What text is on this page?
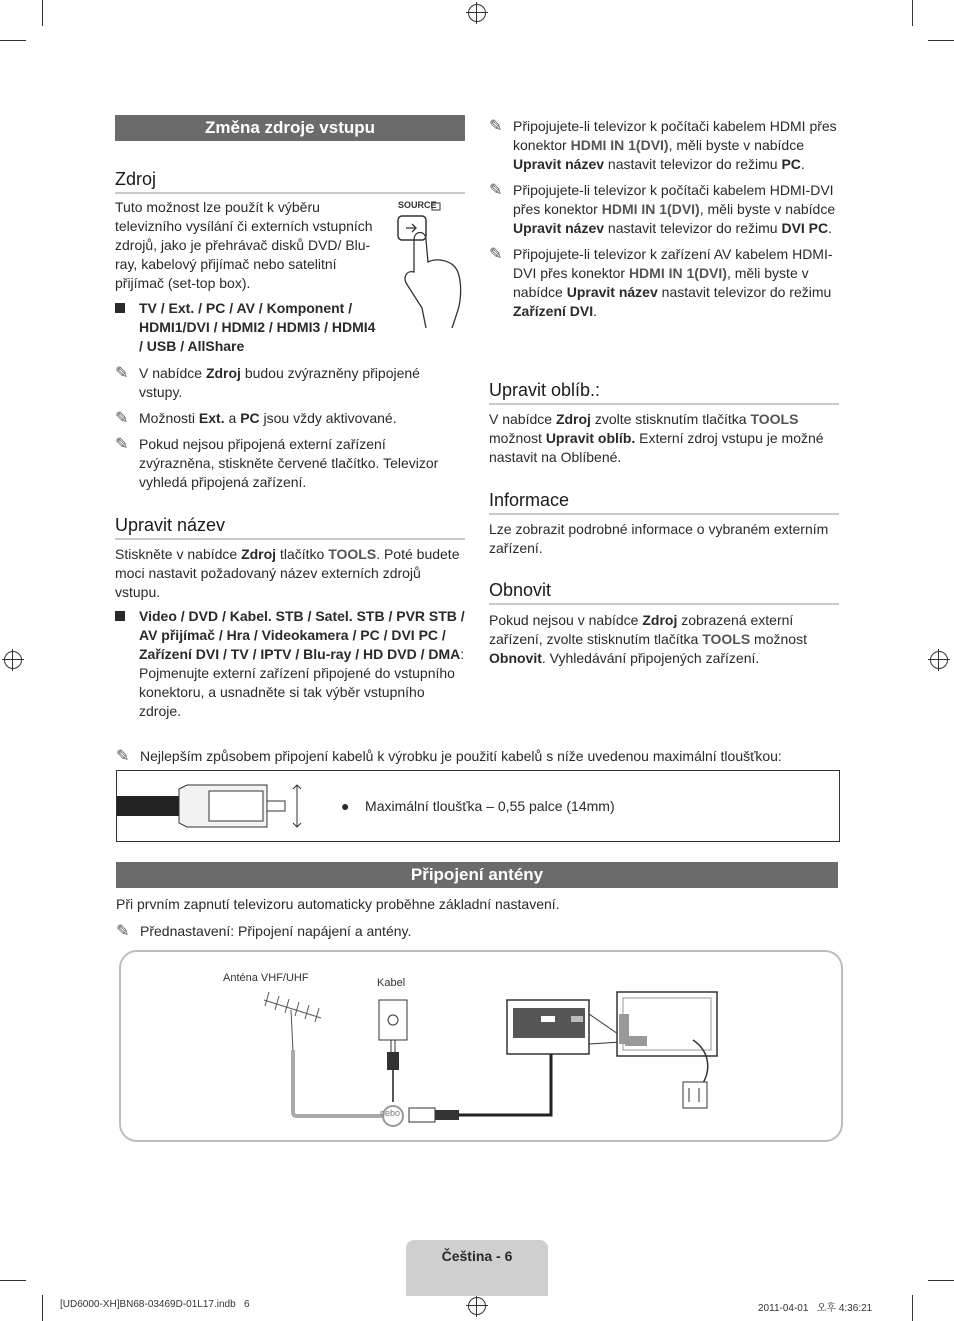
Změna zdroje vstupu
Zdroj

Tuto možnost lze použít k výběru televizního vysílání či externích vstupních zdrojů, jako je přehrávač disků DVD/ Blu-ray, kabelový přijímač nebo satelitní přijímač (set-top box).

SOURCE
TV / Ext. / PC / AV / Komponent / HDMI1/DVI / HDMI2 / HDMI3 / HDMI4 / USB / AllShare
✎ V nabídce Zdroj budou zvýrazněny připojené vstupy.
✎ Možnosti Ext. a PC jsou vždy aktivované.
✎ Pokud nejsou připojená externí zařízení zvýrazněna, stiskněte červené tlačítko. Televizor vyhledá připojená zařízení.
Upravit název

Stiskněte v nabídce Zdroj tlačítko TOOLS. Poté budete moci nastavit požadovaný název externích zdrojů vstupu.

Video / DVD / Kabel. STB / Satel. STB / PVR STB / AV přijímač / Hra / Videokamera / PC / DVI PC / Zařízení DVI / TV / IPTV / Blu-ray / HD DVD / DMA: Pojmenujte externí zařízení připojené do vstupního konektoru, a usnadněte si tak výběr vstupního zdroje.
✎ Připojujete-li televizor k počítači kabelem HDMI přes konektor HDMI IN 1(DVI), měli byste v nabídce Upravit název nastavit televizor do režimu PC.
✎ Připojujete-li televizor k počítači kabelem HDMI-DVI přes konektor HDMI IN 1(DVI), měli byste v nabídce Upravit název nastavit televizor do režimu DVI PC.
✎ Připojujete-li televizor k zařízení AV kabelem HDMI-DVI přes konektor HDMI IN 1(DVI), měli byste v nabídce Upravit název nastavit televizor do režimu Zařízení DVI.
Upravit oblíb.:

V nabídce Zdroj zvolte stisknutím tlačítka TOOLS možnost Upravit oblíb. Externí zdroj vstupu je možné nastavit na Oblíbené.

Informace

Lze zobrazit podrobné informace o vybraném externím zařízení.

Obnovit

Pokud nejsou v nabídce Zdroj zobrazená externí zařízení, zvolte stisknutím tlačítka TOOLS možnost Obnovit. Vyhledávání připojených zařízení.

✎ Nejlepším způsobem připojení kabelů k výrobku je použití kabelů s níže uvedenou maximální tloušťkou:
● Maximální tloušťka – 0,55 palce (14mm)
Připojení antény

Při prvním zapnutí televizoru automaticky proběhne základní nastavení.

✎ Přednastavení: Připojení napájení a antény.
Anténa VHF/UHF	Kabel
nebo
Čeština - 6
[UD6000-XH]BN68-03469D-01L17.indb   6	2011-04-01   오후 4:36:21
